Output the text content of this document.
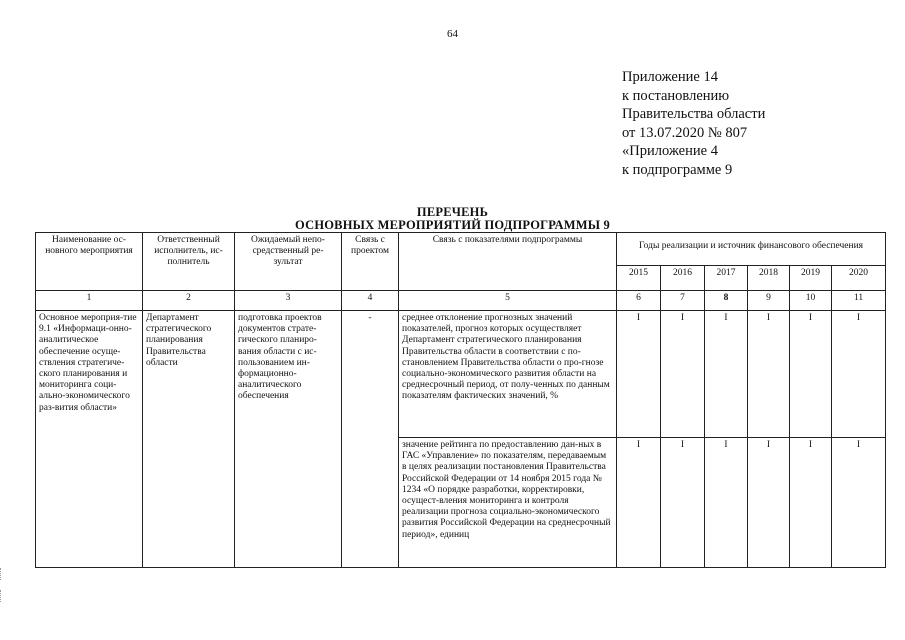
64
Приложение 14
к постановлению
Правительства области
от 13.07.2020 № 807
«Приложение 4
к подпрограмме 9
ПЕРЕЧЕНЬ
ОСНОВНЫХ МЕРОПРИЯТИЙ ПОДПРОГРАММЫ 9
Наименование ос-новного мероприятия	Ответственный исполнитель, ис-полнитель	Ожидаемый непо-средственный ре-зультат	Связь с проектом	Связь с показателями подпрограммы	Годы реализации и источник финансового обеспечения					
					2015	2016	2017	2018	2019	2020
1	2	3	4	5	6	7	8	9	10	11
Основное мероприя-тие 9.1 «Информаци-онно-аналитическое обеспечение осуще-ствления стратегиче-ского планирования и мониторинга соци-ально-экономического раз-вития области»	Департамент стратегического планирования Правительства области	подготовка проектов документов страте-гического планиро-вания области с ис-пользованием ин-формационно-аналитического обеспечения	-	среднее отклонение прогнозных значений показателей, прогноз которых осуществляет Департамент стратегического планирования Правительства области в соответствии с по-становлением Правительства области о про-гнозе социально-экономического развития области на среднесрочный период, от полу-ченных по данным показателям фактических значений, %	I	I	I	I	I	I
				значение рейтинга по предоставлению дан-ных в ГАС «Управление» по показателям, передаваемым в целях реализации постановления Правительства Российской Федерации от 14 ноября 2015 года № 1234 «О порядке разработки, корректировки, осущест-вления мониторинга и контроля реализации прогноза социально-экономического развития Российской Федерации на среднесрочный период», единиц	I	I	I	I	I	I
